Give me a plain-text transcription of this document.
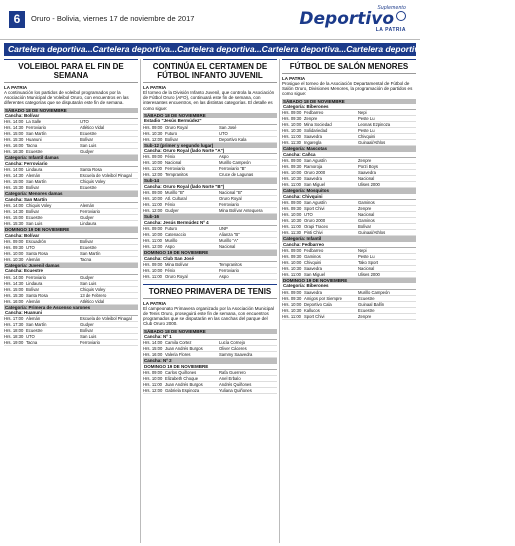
6	Oruro - Bolivia, viernes 17 de noviembre de 2017
Suplemento
Deportivo
LA PATRIA
Cartelera deportiva...Cartelera deportiva...Cartelera deportiva...Cartelera deportiva...Cartelera deportiva...Cartelera deportiva...
VOLEIBOL PARA EL FIN DE SEMANA
LA PATRIA
A continuación los partidos de voleibol programados por la Asociación Municipal de Voleibol Oruro, con encuentros en las diferentes categorías que se disputarán este fin de semana.
SÁBADO 18 DE NOVIEMBRE
Cancha: Bolívar
Hrs. 14:00 La Salle	UTO
Hrs. 14:30 Ferroviario	Atlético Vidal
Hrs. 15:00 San Martín	Ecuestre
Hrs. 15:30 Huanuni	Bolívar
Hrs. 16:00 Tacna	San Luis
Hrs. 16:30 Ecuestre	Gudyer
Categoría: Infantil damas
Cancha: Ferroviario
Hrs. 14:00 Lindaura	Santa Rosa
Hrs. 14:30 Alemán	Escuela de Voleibol Pinagal
Hrs. 15:00 San Martín	Chiquis Voley
Hrs. 15:30 Bolívar	Ecuestre
Categoría: Menores damas
Cancha: San Martín
Hrs. 14:00 Chiquis Voley	Alemán
Hrs. 14:30 Bolívar	Ferroviario
Hrs. 15:00 Ecuestre	Gudyer
Hrs. 15:30 San Luis	Lindaura
DOMINGO 19 DE NOVIEMBRE
Cancha: Bolívar
Hrs. 09:00 Escuadrón	Bolívar
Hrs. 09:30 UTO	Ecuestre
Hrs. 10:00 Santa Rosa	San Martín
Hrs. 10:30 Alemán	Tacna
Categoría: Juvenil damas
Cancha: Ecuestre
Hrs. 14:00 Ferroviario	Gudyer
Hrs. 14:30 Lindaura	San Luis
Hrs. 15:00 Bolívar	Chiquis Voley
Hrs. 15:30 Santa Rosa	13 de Febrero
Hrs. 16:00 Alemán	Atlético Vidal
Categoría: Primera de Ascenso varones
Cancha: Huanuni
Hrs. 17:00 Alemán	Escuela de Voleibol Pinagal
Hrs. 17:30 San Martín	Gudyer
Hrs. 18:00 Ecuestre	Bolívar
Hrs. 18:30 UTO	San Luis
Hrs. 19:00 Tacna	Ferroviario
CONTINÚA EL CERTAMEN DE FÚTBOL INFANTO JUVENIL
LA PATRIA
El torneo de la División Infanto Juvenil, que controla la Asociación de Fútbol Oruro (AFO), continuará este fin de semana, con interesantes encuentros, en las distintas categorías. El detalle es como sigue:
SÁBADO 18 DE NOVIEMBRE
Estadio "Jesús Bermúdez"
Hrs. 09:00 Oruro Royal	San José
Hrs. 10:30 Futuro	UTO
Hrs. 12:00 Bolívar	Deportivo Kala
Sub-12 (primer y segundo lugar)
Cancha: Oruro Royal (lado Norte "A")
Hrs. 09:00 Fénix	Aspo
Hrs. 10:00 Nacional	Murillo Campeón
Hrs. 11:00 Ferroviario	Ferroviario "B"
Hrs. 12:00 Tempranitos	Cruce de Lagunas
Sub-14
Cancha: Oruro Royal (lado Norte "B")
Hrs. 09:00 Murillo "B"	Nacional "B"
Hrs. 10:00 Atl. Cultural	Oruro Royal
Hrs. 11:00 Fénix	Ferroviario
Hrs. 12:00 Gudyer	Mina Bolívar Antequera
Sub-16
Cancha: Jesús Bermúdez Nº 4
Hrs. 09:00 Futuro	UNP
Hrs. 10:00 Catenaccio	Alianza "B"
Hrs. 11:00 Murillo	Murillo "A"
Hrs. 12:00 Aspo	Nacional
DOMINGO 19 DE NOVIEMBRE
Cancha: Club San José
Hrs. 09:00 Mina Bolívar	Tempranitos
Hrs. 10:00 Fénix	Ferroviario
Hrs. 11:00 Oruro Royal	Aspo
TORNEO PRIMAVERA DE TENIS
LA PATRIA
El campeonato Primavera organizado por la Asociación Municipal de Tenis Oruro, proseguirá este fin de semana, con encuentros programados que se disputarán en las canchas del parque del Club Oruro 2000.
SÁBADO 18 DE NOVIEMBRE
Cancha: Nº 1
Hrs. 14:00 Camila Cortez	Lucía Cornejo
Hrs. 15:00 Juan Andrés Burgos	Oliver Cáceres
Hrs. 16:00 Valeria Flores	Sammy Saavedra
Cancha: Nº 2
DOMINGO 19 DE NOVIEMBRE
Hrs. 09:00 Carlos Quiñones	Rafa Guerrero
Hrs. 10:00 Elizabeth Choque	Anel Erbalo
Hrs. 11:00 Juan Andrés Burgos	Andrés Quiñones
Hrs. 12:00 Gabriela Espinoza	Yuliana Quiñones
FÚTBOL DE SALÓN MENORES
LA PATRIA
Prosigue el torneo de la Asociación Departamental de Fútbol de Salón Oruro, Divisiones Menores, la programación de partidos es como sigue:
SÁBADO 18 DE NOVIEMBRE
Categoría: Biberones
Hrs. 09:00 Fedbarreo	Nepi
Hrs. 09:30 Zenpre	Peste Lu
Hrs. 10:00 Mina Sociedad	Leonas Ezpinoza
Hrs. 10:30 Solidariedad	Peste Lu
Hrs. 11:00 Saavedra	Chivquini
Hrs. 11:30 Ingaregla	Guinaal/Athlos
Categoría: Mascotas
Cancha: Cañca
Hrs. 09:00 San Agustín	Zenpre
Hrs. 09:30 Ramoroja	Porzi Boys
Hrs. 10:00 Oruro 2000	Saavedra
Hrs. 10:30 Saavedra	Nacional
Hrs. 11:00 San Miguel	Ulises 2000
Categoría: Mosquitos
Cancha: Chivquini
Hrs. 09:00 San Agustín	Gaminos
Hrs. 09:30 Sport Chivi	Zenpre
Hrs. 10:00 UTO	Nacional
Hrs. 10:30 Oruro 2000	Gaminos
Hrs. 11:00 Orapi Tracex	Bolívar
Hrs. 11:30 Pinti Chivi	Guinaal/Athlos
Categoría: Infantil
Cancha: Fedbarreo
Hrs. 09:00 Fedbarreo	Nepi
Hrs. 09:30 Gaminos	Peste Lu
Hrs. 10:00 Chivquini	Tako Sport
Hrs. 10:30 Saavedra	Nacional
Hrs. 11:00 San Miguel	Ulises 2000
DOMINGO 19 DE NOVIEMBRE
Categoría: Biberones
Hrs. 09:00 Saavedra	Murillo Campeón
Hrs. 09:30 Amigos por Siempre	Ecuestre
Hrs. 10:00 Deportivo Cala	Guinaal Ballín
Hrs. 10:30 Kallucos	Ecuestre
Hrs. 11:00 Sport Chivi	Zenpre
